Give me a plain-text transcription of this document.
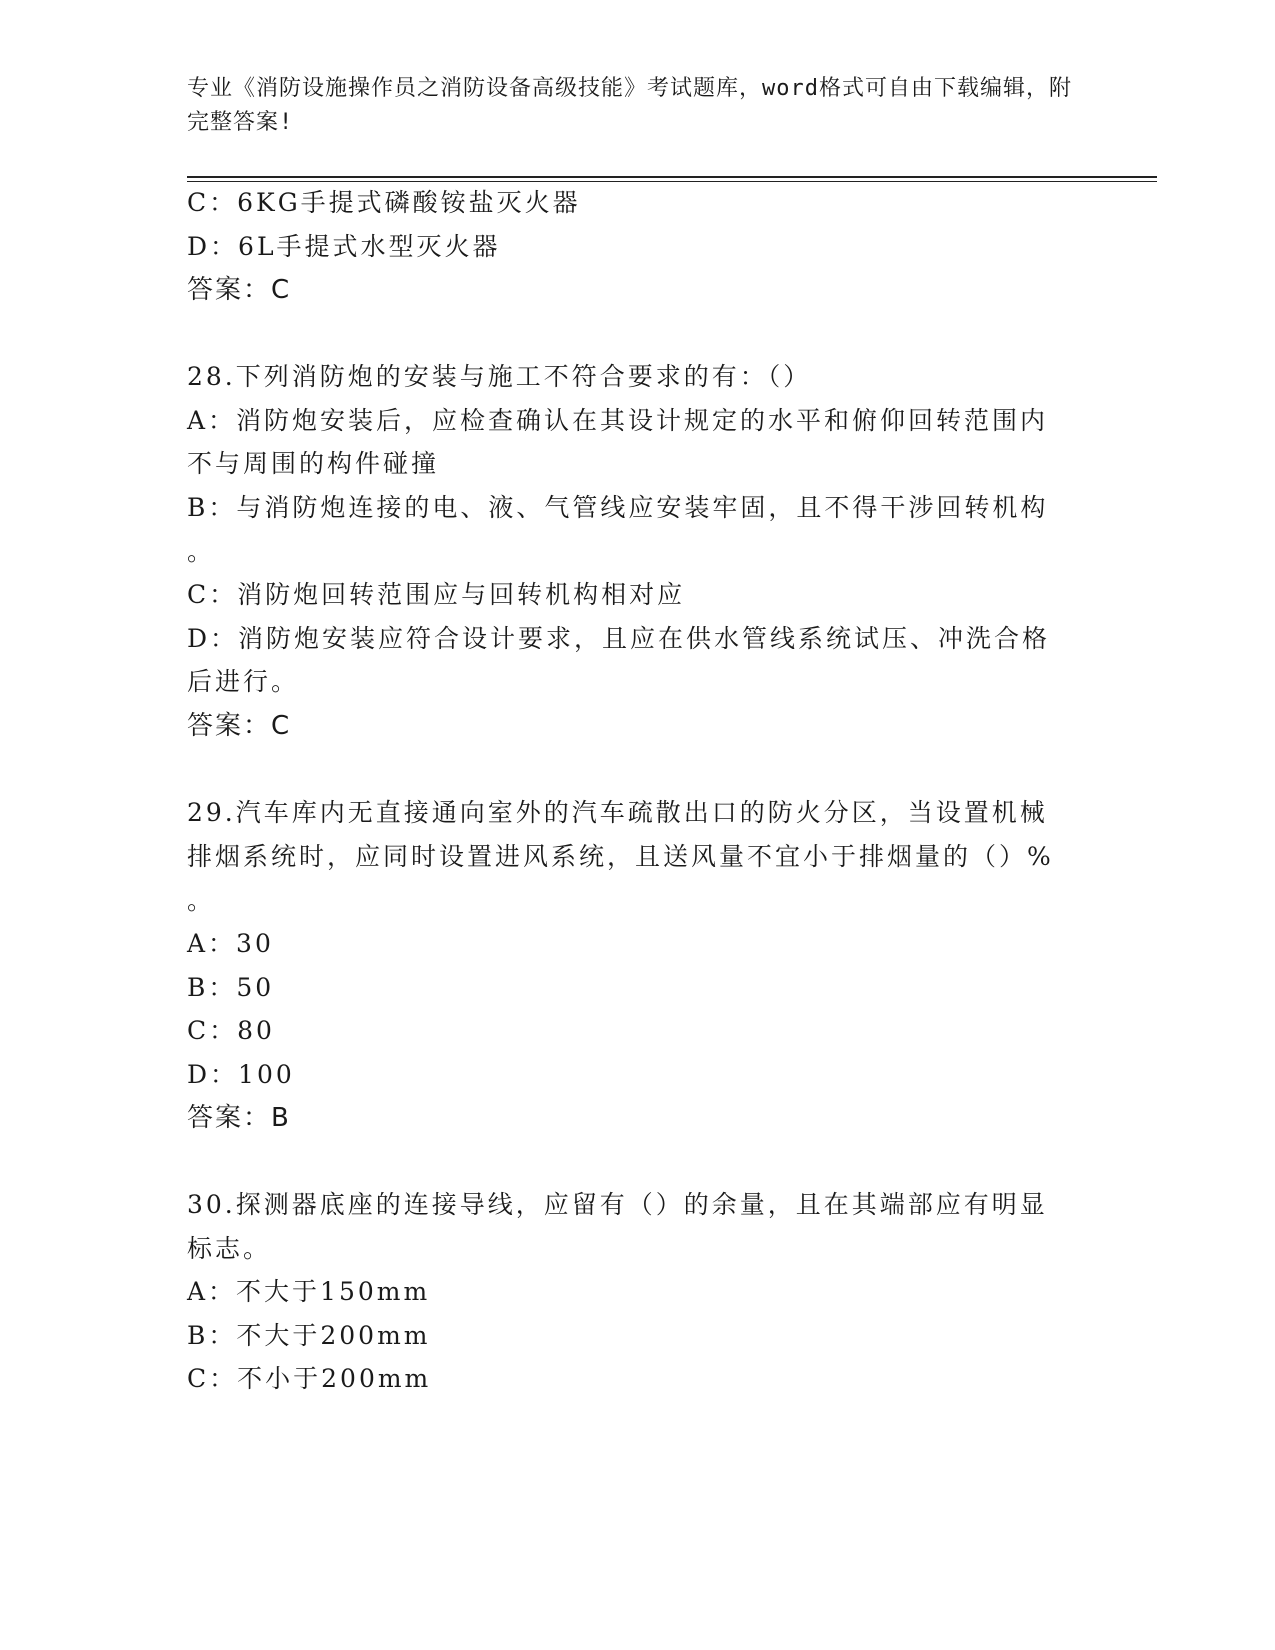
专业《消防设施操作员之消防设备高级技能》考试题库，word格式可自由下载编辑，附完整答案!
C：6KG手提式磷酸铵盐灭火器
D：6L手提式水型灭火器
答案：C
28.下列消防炮的安装与施工不符合要求的有：（）
A：消防炮安装后，应检查确认在其设计规定的水平和俯仰回转范围内
不与周围的构件碰撞
B：与消防炮连接的电、液、气管线应安装牢固，且不得干涉回转机构
。
C：消防炮回转范围应与回转机构相对应
D：消防炮安装应符合设计要求，且应在供水管线系统试压、冲洗合格
后进行。
答案：C
29.汽车库内无直接通向室外的汽车疏散出口的防火分区，当设置机械
排烟系统时，应同时设置进风系统，且送风量不宜小于排烟量的（）%
。
A：30
B：50
C：80
D：100
答案：B
30.探测器底座的连接导线，应留有（）的余量，且在其端部应有明显
标志。
A：不大于150mm
B：不大于200mm
C：不小于200mm
